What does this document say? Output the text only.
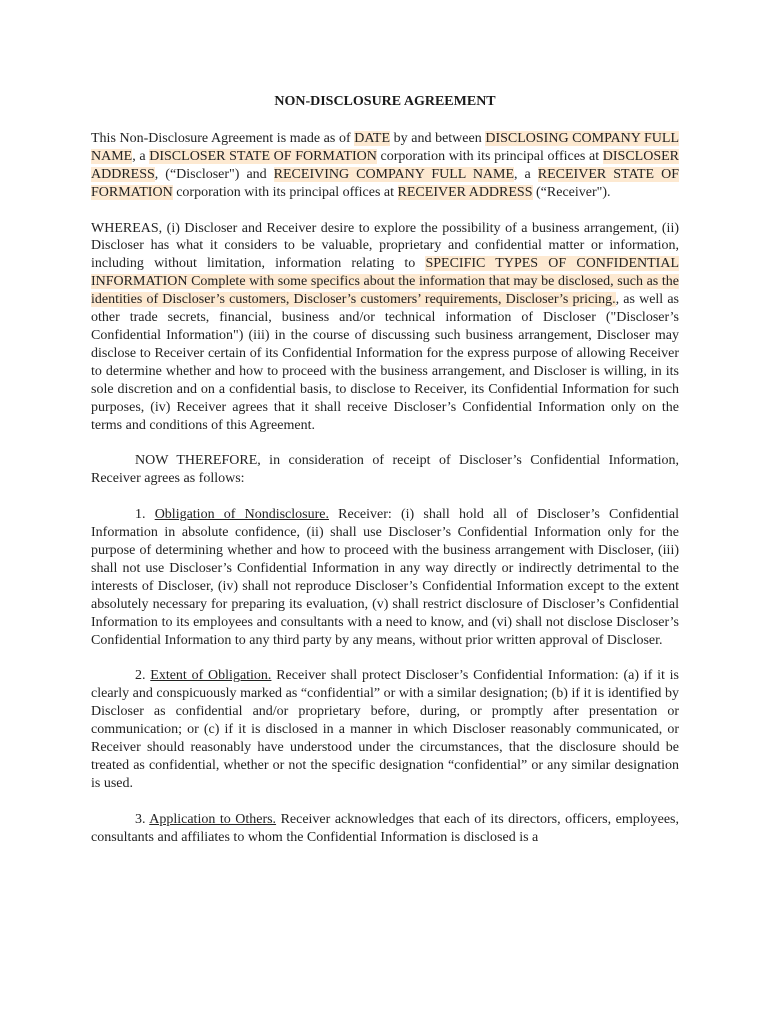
NON-DISCLOSURE AGREEMENT

This Non-Disclosure Agreement is made as of DATE by and between DISCLOSING COMPANY FULL NAME, a DISCLOSER STATE OF FORMATION corporation with its principal offices at DISCLOSER ADDRESS, (“Discloser") and RECEIVING COMPANY FULL NAME, a RECEIVER STATE OF FORMATION corporation with its principal offices at RECEIVER ADDRESS (“Receiver").

WHEREAS, (i) Discloser and Receiver desire to explore the possibility of a business arrangement, (ii) Discloser has what it considers to be valuable, proprietary and confidential matter or information, including without limitation, information relating to SPECIFIC TYPES OF CONFIDENTIAL INFORMATION Complete with some specifics about the information that may be disclosed, such as the identities of Discloser’s customers, Discloser’s customers’ requirements, Discloser’s pricing., as well as other trade secrets, financial, business and/or technical information of Discloser ("Discloser’s Confidential Information") (iii) in the course of discussing such business arrangement, Discloser may disclose to Receiver certain of its Confidential Information for the express purpose of allowing Receiver to determine whether and how to proceed with the business arrangement, and Discloser is willing, in its sole discretion and on a confidential basis, to disclose to Receiver, its Confidential Information for such purposes, (iv) Receiver agrees that it shall receive Discloser’s Confidential Information only on the terms and conditions of this Agreement.

NOW THEREFORE, in consideration of receipt of Discloser’s Confidential Information, Receiver agrees as follows:

1. Obligation of Nondisclosure. Receiver: (i) shall hold all of Discloser’s Confidential Information in absolute confidence, (ii) shall use Discloser’s Confidential Information only for the purpose of determining whether and how to proceed with the business arrangement with Discloser, (iii) shall not use Discloser’s Confidential Information in any way directly or indirectly detrimental to the interests of Discloser, (iv) shall not reproduce Discloser’s Confidential Information except to the extent absolutely necessary for preparing its evaluation, (v) shall restrict disclosure of Discloser’s Confidential Information to its employees and consultants with a need to know, and (vi) shall not disclose Discloser’s Confidential Information to any third party by any means, without prior written approval of Discloser.

2. Extent of Obligation. Receiver shall protect Discloser’s Confidential Information: (a) if it is clearly and conspicuously marked as “confidential” or with a similar designation; (b) if it is identified by Discloser as confidential and/or proprietary before, during, or promptly after presentation or communication; or (c) if it is disclosed in a manner in which Discloser reasonably communicated, or Receiver should reasonably have understood under the circumstances, that the disclosure should be treated as confidential, whether or not the specific designation “confidential” or any similar designation is used.

3. Application to Others. Receiver acknowledges that each of its directors, officers, employees, consultants and affiliates to whom the Confidential Information is disclosed is a
